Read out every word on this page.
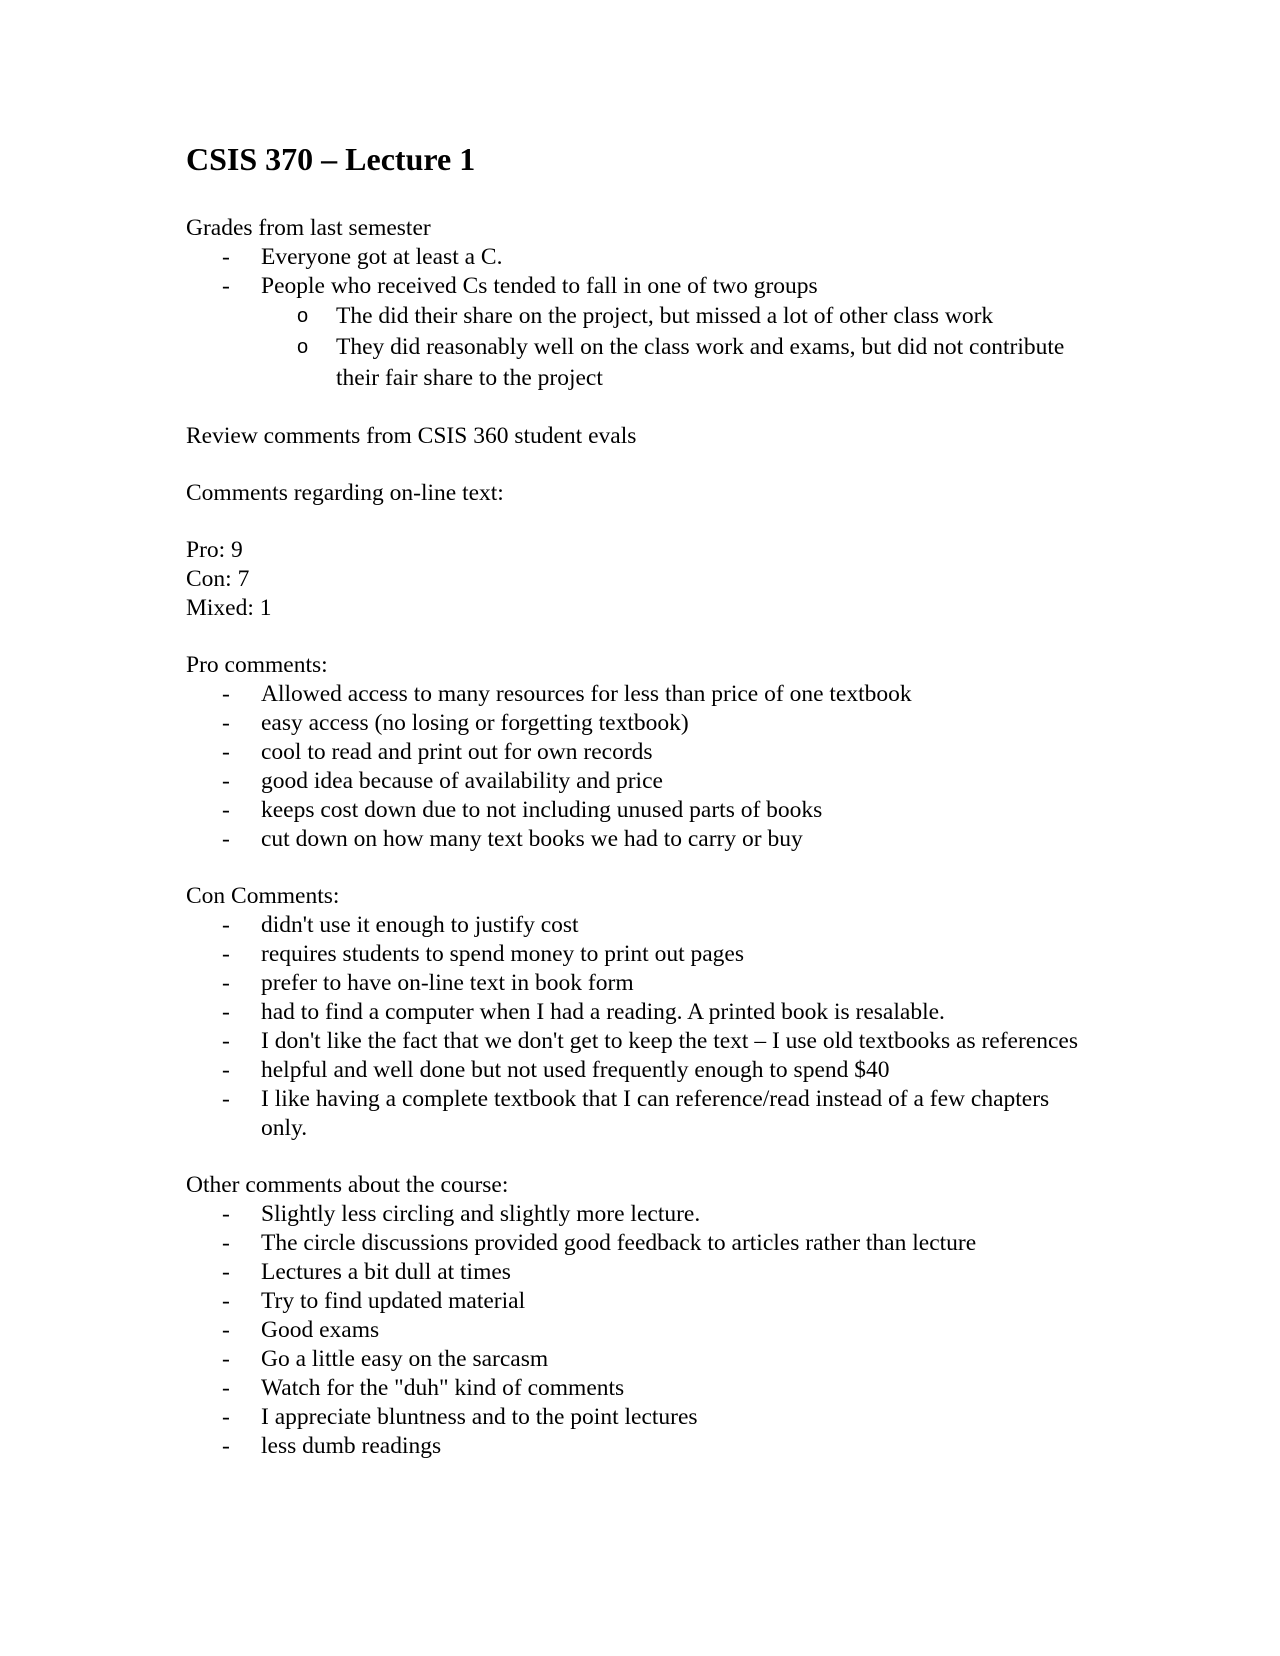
CSIS 370 – Lecture 1

Grades from last semester

- Everyone got at least a C.
- People who received Cs tended to fall in one of two groups
o The did their share on the project, but missed a lot of other class work
o They did reasonably well on the class work and exams, but did not contribute their fair share to the project

Review comments from CSIS 360 student evals

Comments regarding on-line text:

Pro: 9

Con: 7

Mixed: 1

Pro comments:

- Allowed access to many resources for less than price of one textbook
- easy access (no losing or forgetting textbook)
- cool to read and print out for own records
- good idea because of availability and price
- keeps cost down due to not including unused parts of books
- cut down on how many text books we had to carry or buy

Con Comments:

- didn't use it enough to justify cost
- requires students to spend money to print out pages
- prefer to have on-line text in book form
- had to find a computer when I had a reading. A printed book is resalable.
- I don't like the fact that we don't get to keep the text – I use old textbooks as references
- helpful and well done but not used frequently enough to spend $40
- I like having a complete textbook that I can reference/read instead of a few chapters only.

Other comments about the course:

- Slightly less circling and slightly more lecture.
- The circle discussions provided good feedback to articles rather than lecture
- Lectures a bit dull at times
- Try to find updated material
- Good exams
- Go a little easy on the sarcasm
- Watch for the "duh" kind of comments
- I appreciate bluntness and to the point lectures
- less dumb readings
